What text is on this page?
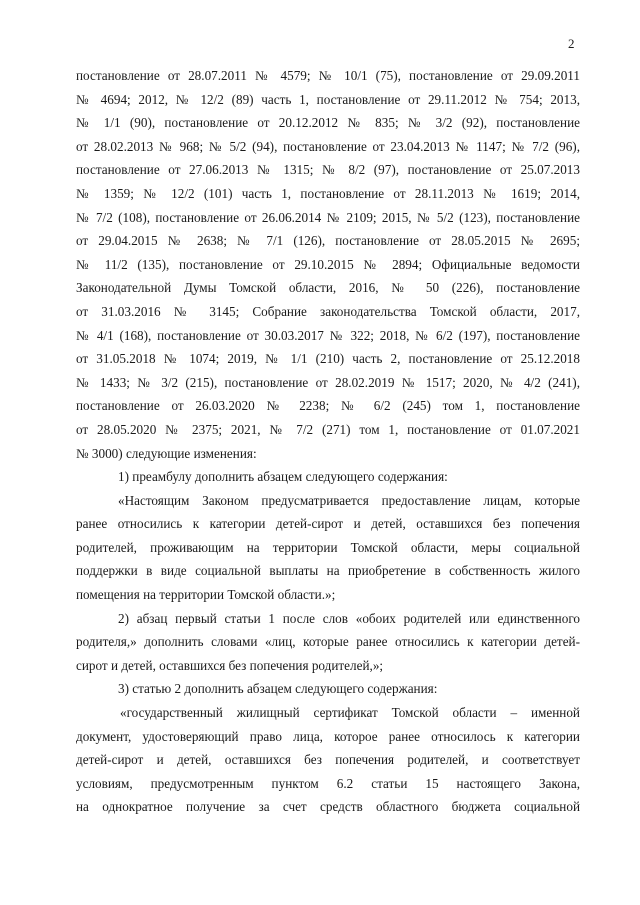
2
постановление от 28.07.2011 № 4579; № 10/1 (75), постановление от 29.09.2011
№ 4694; 2012, № 12/2 (89) часть 1, постановление от 29.11.2012 № 754; 2013,
№ 1/1 (90), постановление от 20.12.2012 № 835; № 3/2 (92), постановление
от 28.02.2013 № 968; № 5/2 (94), постановление от 23.04.2013 № 1147; № 7/2 (96),
постановление от 27.06.2013 № 1315; № 8/2 (97), постановление от 25.07.2013
№ 1359; № 12/2 (101) часть 1, постановление от 28.11.2013 № 1619; 2014,
№ 7/2 (108), постановление от 26.06.2014 № 2109; 2015, № 5/2 (123), постановление
от 29.04.2015 № 2638; № 7/1 (126), постановление от 28.05.2015 № 2695;
№ 11/2 (135), постановление от 29.10.2015 № 2894; Официальные ведомости
Законодательной Думы Томской области, 2016, № 50 (226), постановление
от 31.03.2016 № 3145; Собрание законодательства Томской области, 2017,
№ 4/1 (168), постановление от 30.03.2017 № 322; 2018, № 6/2 (197), постановление
от 31.05.2018 № 1074; 2019, № 1/1 (210) часть 2, постановление от 25.12.2018
№ 1433; № 3/2 (215), постановление от 28.02.2019 № 1517; 2020, № 4/2 (241),
постановление от 26.03.2020 № 2238; № 6/2 (245) том 1, постановление
от 28.05.2020 № 2375; 2021, № 7/2 (271) том 1, постановление от 01.07.2021
№ 3000) следующие изменения:
1) преамбулу дополнить абзацем следующего содержания:
«Настоящим Законом предусматривается предоставление лицам, которые
ранее относились к категории детей-сирот и детей, оставшихся без попечения
родителей, проживающим на территории Томской области, меры социальной
поддержки в виде социальной выплаты на приобретение в собственность жилого
помещения на территории Томской области.»;
2) абзац первый статьи 1 после слов «обоих родителей или единственного
родителя,» дополнить словами «лиц, которые ранее относились к категории детей-
сирот и детей, оставшихся без попечения родителей,»;
3) статью 2 дополнить абзацем следующего содержания:
«государственный жилищный сертификат Томской области – именной
документ, удостоверяющий право лица, которое ранее относилось к категории
детей-сирот и детей, оставшихся без попечения родителей, и соответствует
условиям, предусмотренным пунктом 6.2 статьи 15 настоящего Закона,
на однократное получение за счет средств областного бюджета социальной
